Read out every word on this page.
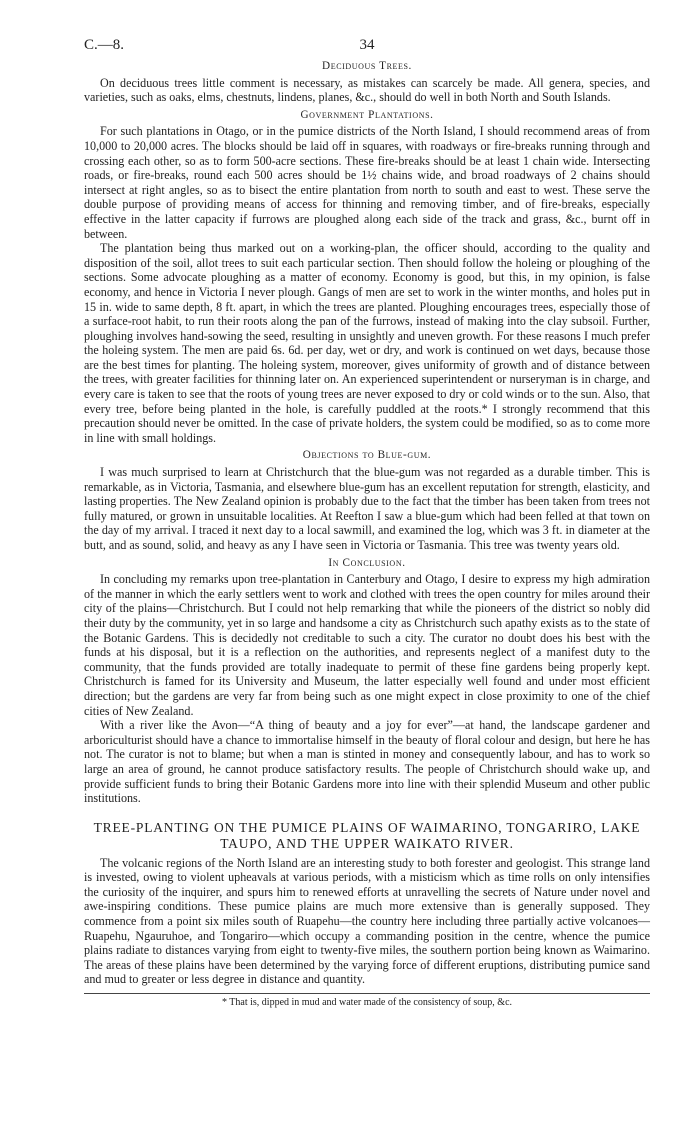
C.—8.	34
Deciduous Trees.

On deciduous trees little comment is necessary, as mistakes can scarcely be made. All genera, species, and varieties, such as oaks, elms, chestnuts, lindens, planes, &c., should do well in both North and South Islands.

Government Plantations.

For such plantations in Otago, or in the pumice districts of the North Island, I should recommend areas of from 10,000 to 20,000 acres. The blocks should be laid off in squares, with roadways or fire-breaks running through and crossing each other, so as to form 500-acre sections. These fire-breaks should be at least 1 chain wide. Intersecting roads, or fire-breaks, round each 500 acres should be 1½ chains wide, and broad roadways of 2 chains should intersect at right angles, so as to bisect the entire plantation from north to south and east to west. These serve the double purpose of providing means of access for thinning and removing timber, and of fire-breaks, especially effective in the latter capacity if furrows are ploughed along each side of the track and grass, &c., burnt off in between.

The plantation being thus marked out on a working-plan, the officer should, according to the quality and disposition of the soil, allot trees to suit each particular section. Then should follow the holeing or ploughing of the sections. Some advocate ploughing as a matter of economy. Economy is good, but this, in my opinion, is false economy, and hence in Victoria I never plough. Gangs of men are set to work in the winter months, and holes put in 15 in. wide to same depth, 8 ft. apart, in which the trees are planted. Ploughing encourages trees, especially those of a surface-root habit, to run their roots along the pan of the furrows, instead of making into the clay subsoil. Further, ploughing involves hand-sowing the seed, resulting in unsightly and uneven growth. For these reasons I much prefer the holeing system. The men are paid 6s. 6d. per day, wet or dry, and work is continued on wet days, because those are the best times for planting. The holeing system, moreover, gives uniformity of growth and of distance between the trees, with greater facilities for thinning later on. An experienced superintendent or nurseryman is in charge, and every care is taken to see that the roots of young trees are never exposed to dry or cold winds or to the sun. Also, that every tree, before being planted in the hole, is carefully puddled at the roots.* I strongly recommend that this precaution should never be omitted. In the case of private holders, the system could be modified, so as to come more in line with small holdings.

Objections to Blue-gum.

I was much surprised to learn at Christchurch that the blue-gum was not regarded as a durable timber. This is remarkable, as in Victoria, Tasmania, and elsewhere blue-gum has an excellent reputation for strength, elasticity, and lasting properties. The New Zealand opinion is probably due to the fact that the timber has been taken from trees not fully matured, or grown in unsuitable localities. At Reefton I saw a blue-gum which had been felled at that town on the day of my arrival. I traced it next day to a local sawmill, and examined the log, which was 3 ft. in diameter at the butt, and as sound, solid, and heavy as any I have seen in Victoria or Tasmania. This tree was twenty years old.

In Conclusion.

In concluding my remarks upon tree-plantation in Canterbury and Otago, I desire to express my high admiration of the manner in which the early settlers went to work and clothed with trees the open country for miles around their city of the plains—Christchurch. But I could not help remarking that while the pioneers of the district so nobly did their duty by the community, yet in so large and handsome a city as Christchurch such apathy exists as to the state of the Botanic Gardens. This is decidedly not creditable to such a city. The curator no doubt does his best with the funds at his disposal, but it is a reflection on the authorities, and represents neglect of a manifest duty to the community, that the funds provided are totally inadequate to permit of these fine gardens being properly kept. Christchurch is famed for its University and Museum, the latter especially well found and under most efficient direction; but the gardens are very far from being such as one might expect in close proximity to one of the chief cities of New Zealand.

With a river like the Avon—“A thing of beauty and a joy for ever”—at hand, the landscape gardener and arboriculturist should have a chance to immortalise himself in the beauty of floral colour and design, but here he has not. The curator is not to blame; but when a man is stinted in money and consequently labour, and has to work so large an area of ground, he cannot produce satisfactory results. The people of Christchurch should wake up, and provide sufficient funds to bring their Botanic Gardens more into line with their splendid Museum and other public institutions.

TREE-PLANTING ON THE PUMICE PLAINS OF WAIMARINO, TONGARIRO, LAKE TAUPO, AND THE UPPER WAIKATO RIVER.

The volcanic regions of the North Island are an interesting study to both forester and geologist. This strange land is invested, owing to violent upheavals at various periods, with a misticism which as time rolls on only intensifies the curiosity of the inquirer, and spurs him to renewed efforts at unravelling the secrets of Nature under novel and awe-inspiring conditions. These pumice plains are much more extensive than is generally supposed. They commence from a point six miles south of Ruapehu—the country here including three partially active volcanoes—Ruapehu, Ngauruhoe, and Tongariro—which occupy a commanding position in the centre, whence the pumice plains radiate to distances varying from eight to twenty-five miles, the southern portion being known as Waimarino. The areas of these plains have been determined by the varying force of different eruptions, distributing pumice sand and mud to greater or less degree in distance and quantity.

* That is, dipped in mud and water made of the consistency of soup, &c.
